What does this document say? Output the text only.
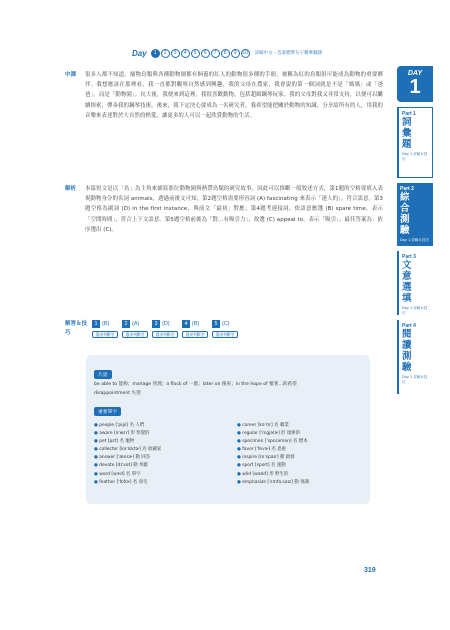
Day	1	2	3	4	5	6	7	8	9	10	詳解中文・答案標準句子精華翻譯
中譯	很多人都不知道，寵物鳥類與各種動物園都有飼養的紅人的動物很多種的手冊，被稱為紅的鳥類很可能成為動物的重要夥伴。我想應該在那裡看，我一直都對觀察自然感到興趣，我的父母在農家，我會說的第一個詞就是不是「媽媽」或「爸爸」，而是「動物園」。長大後，我便來到這裡，我很喜歡動物，包括超級鋼琴玩家。我的父母對我又非常支持，以便可以繼續探索，彈奏我的鋼琴技術。後來，我下定決心要成為一名研究者，我希望能把關於動物的知識，分享給所有的人，用我的音樂來表達對於大自然的熱愛，讓更多的人可以一起欣賞動物的生活。

解析	本篇短文是以「鳥」為主角來描寫那位動物園與熱帶鳥類的研究故事，因此可以推斷一般敘述方式，第1題的空格要填入表現動物身分的名詞 animals，透過前後文可知，第2題空格需要形容詞 (A) fascinating 來表示「迷人的」，符合語意。第3題空格為副詞 (D) in the first instance，與前文「最初」對應；第4題考連接詞，依語意應選 (B) spare time，表示「空閒時間」，符合上下文語意。第5題空格前後為「對…有吸引力」，故選 (C) appeal to，表示「吸引」。最佳答案為：依序選出 (C)。

解答＆技巧
1 (B)	2 (A)	3 (D)	4 (B)	5 (C)
選項判斷型	選項判斷型	選項判斷型	選項判斷型	選項判斷型
片語
be able to 能夠；manage 管理；a flock of 一群；later on 後來；in the hope of 懷著…的希望
disappointment 失望
重要單字
● people [ˈpipl] 名 人們
● aware [əˈwɛr] 形 察覺的
● pet [pɛt] 名 寵物
● collector [kəˈlɛktɚ] 名 收藏家
● answer [ˈænsɚ] 動 回答
● devote [dɪˈvot] 動 奉獻
● word [wɝd] 名 單字
● feather [ˈfɛðɚ] 名 羽毛
● career [kəˈrɪr] 名 職業
● regular [ˈrɛgjəlɚ] 形 規律的
● specimen [ˈspɛsəmən] 名 標本
● favor [ˈfevɚ] 名 恩惠
● inspire [ɪnˈspaɪr] 動 啟發
● sport [sport] 名 運動
● wild [waɪld] 形 野生的
● emphasize [ˈɛmfəˌsaɪz] 動 強調
DAY
1
Part 1
詞彙題
Day 1 詳解＆技巧
Part 2
綜合測驗
Day 1 詳解＆技巧
Part 3
文意選填
Day 1 詳解＆技巧
Part 4
閱讀測驗
Day 1 詳解＆技巧
319
